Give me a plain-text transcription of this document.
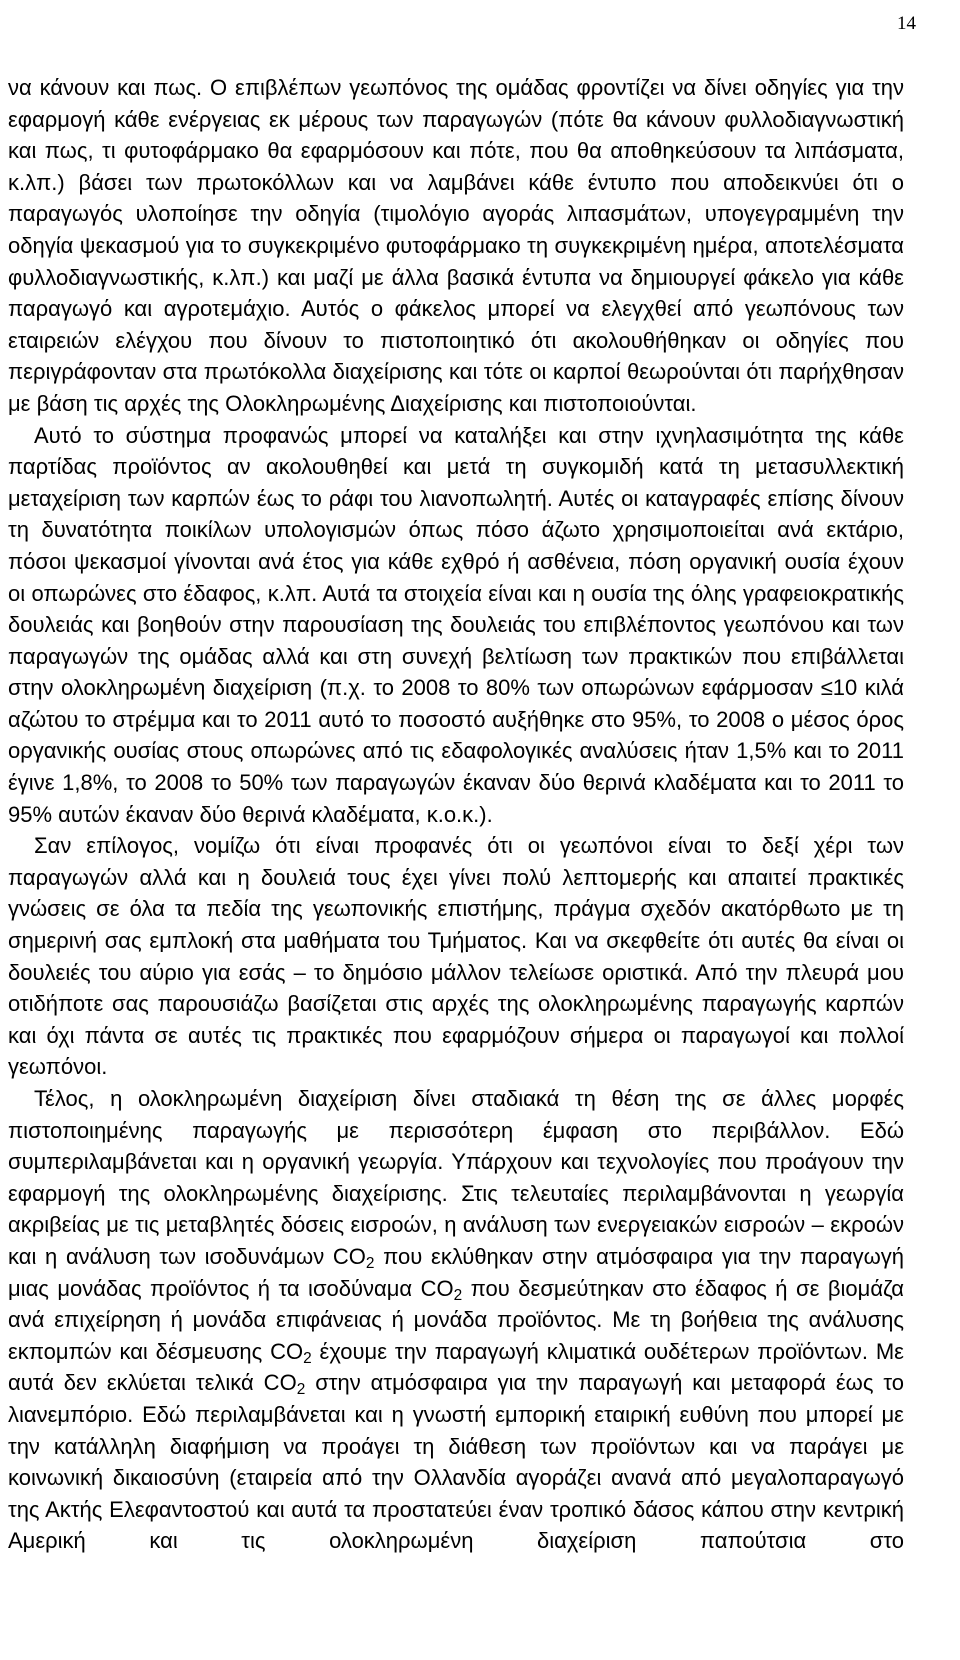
14

να κάνουν και πως. Ο επιβλέπων γεωπόνος της ομάδας φροντίζει να δίνει οδηγίες για την εφαρμογή κάθε ενέργειας εκ μέρους των παραγωγών (πότε θα κάνουν φυλλοδιαγνωστική και πως, τι φυτοφάρμακο θα εφαρμόσουν και πότε, που θα αποθηκεύσουν τα λιπάσματα, κ.λπ.) βάσει των πρωτοκόλλων και να λαμβάνει κάθε έντυπο που αποδεικνύει ότι ο παραγωγός υλοποίησε την οδηγία (τιμολόγιο αγοράς λιπασμάτων, υπογεγραμμένη την οδηγία ψεκασμού για το συγκεκριμένο φυτοφάρμακο τη συγκεκριμένη ημέρα, αποτελέσματα φυλλοδιαγνωστικής, κ.λπ.) και μαζί με άλλα βασικά έντυπα να δημιουργεί φάκελο για κάθε παραγωγό και αγροτεμάχιο. Αυτός ο φάκελος μπορεί να ελεγχθεί από γεωπόνους των εταιρειών ελέγχου που δίνουν το πιστοποιητικό ότι ακολουθήθηκαν οι οδηγίες που περιγράφονταν στα πρωτόκολλα διαχείρισης και τότε οι καρποί θεωρούνται ότι παρήχθησαν με βάση τις αρχές της Ολοκληρωμένης Διαχείρισης και πιστοποιούνται.

Αυτό το σύστημα προφανώς μπορεί να καταλήξει και στην ιχνηλασιμότητα της κάθε παρτίδας προϊόντος αν ακολουθηθεί και μετά τη συγκομιδή κατά τη μετασυλλεκτική μεταχείριση των καρπών έως το ράφι του λιανοπωλητή. Αυτές οι καταγραφές επίσης δίνουν τη δυνατότητα ποικίλων υπολογισμών όπως πόσο άζωτο χρησιμοποιείται ανά εκτάριο, πόσοι ψεκασμοί γίνονται ανά έτος για κάθε εχθρό ή ασθένεια, πόση οργανική ουσία έχουν οι οπωρώνες στο έδαφος, κ.λπ. Αυτά τα στοιχεία είναι και η ουσία της όλης γραφειοκρατικής δουλειάς και βοηθούν στην παρουσίαση της δουλειάς του επιβλέποντος γεωπόνου και των παραγωγών της ομάδας αλλά και στη συνεχή βελτίωση των πρακτικών που επιβάλλεται στην ολοκληρωμένη διαχείριση (π.χ. το 2008 το 80% των οπωρώνων εφάρμοσαν ≤10 κιλά αζώτου το στρέμμα και το 2011 αυτό το ποσοστό αυξήθηκε στο 95%, το 2008 ο μέσος όρος οργανικής ουσίας στους οπωρώνες από τις εδαφολογικές αναλύσεις ήταν 1,5% και το 2011 έγινε 1,8%, το 2008 το 50% των παραγωγών έκαναν δύο θερινά κλαδέματα και το 2011 το 95% αυτών έκαναν δύο θερινά κλαδέματα, κ.ο.κ.).

Σαν επίλογος, νομίζω ότι είναι προφανές ότι οι γεωπόνοι είναι το δεξί χέρι των παραγωγών αλλά και η δουλειά τους έχει γίνει πολύ λεπτομερής και απαιτεί πρακτικές γνώσεις σε όλα τα πεδία της γεωπονικής επιστήμης, πράγμα σχεδόν ακατόρθωτο με τη σημερινή σας εμπλοκή στα μαθήματα του Τμήματος. Και να σκεφθείτε ότι αυτές θα είναι οι δουλειές του αύριο για εσάς – το δημόσιο μάλλον τελείωσε οριστικά. Από την πλευρά μου οτιδήποτε σας παρουσιάζω βασίζεται στις αρχές της ολοκληρωμένης παραγωγής καρπών και όχι πάντα σε αυτές τις πρακτικές που εφαρμόζουν σήμερα οι παραγωγοί και πολλοί γεωπόνοι.

Τέλος, η ολοκληρωμένη διαχείριση δίνει σταδιακά τη θέση της σε άλλες μορφές πιστοποιημένης παραγωγής με περισσότερη έμφαση στο περιβάλλον. Εδώ συμπεριλαμβάνεται και η οργανική γεωργία. Υπάρχουν και τεχνολογίες που προάγουν την εφαρμογή της ολοκληρωμένης διαχείρισης. Στις τελευταίες περιλαμβάνονται η γεωργία ακριβείας με τις μεταβλητές δόσεις εισροών, η ανάλυση των ενεργειακών εισροών – εκροών και η ανάλυση των ισοδυνάμων $CO_2$ που εκλύθηκαν στην ατμόσφαιρα για την παραγωγή μιας μονάδας προϊόντος ή τα ισοδύναμα $CO_2$ που δεσμεύτηκαν στο έδαφος ή σε βιομάζα ανά επιχείρηση ή μονάδα επιφάνειας ή μονάδα προϊόντος. Με τη βοήθεια της ανάλυσης εκπομπών και δέσμευσης $CO_2$ έχουμε την παραγωγή κλιματικά ουδέτερων προϊόντων. Με αυτά δεν εκλύεται τελικά $CO_2$ στην ατμόσφαιρα για την παραγωγή και μεταφορά έως το λιανεμπόριο. Εδώ περιλαμβάνεται και η γνωστή εμπορική εταιρική ευθύνη που μπορεί με την κατάλληλη διαφήμιση να προάγει τη διάθεση των προϊόντων και να παράγει με κοινωνική δικαιοσύνη (εταιρεία από την Ολλανδία αγοράζει ανανά από μεγαλοπαραγωγό της Ακτής Ελεφαντοστού και αυτά τα προστατεύει έναν τροπικό δάσος κάπου στην κεντρική Αμερική και τις ολοκληρωμένη διαχείριση παπούτσια στο
